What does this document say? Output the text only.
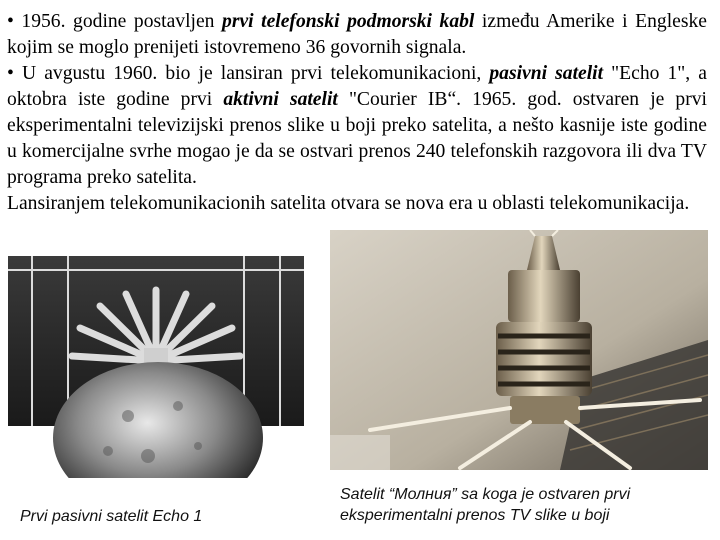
• 1956. godine postavljen prvi telefonski podmorski kabl između Amerike i Engleske kojim se moglo prenijeti istovremeno 36 govornih signala.

• U avgustu 1960. bio je lansiran prvi telekomunikacioni, pasivni satelit "Echo 1", a oktobra iste godine prvi aktivni satelit "Courier IB“. 1965. god. ostvaren je prvi eksperimentalni televizijski prenos slike u boji preko satelita, a nešto kasnije iste godine u komercijalne svrhe mogao je da se ostvari prenos 240 telefonskih razgovora ili dva TV programa preko satelita.

Lansiranjem telekomunikacionih satelita otvara se nova era u oblasti telekomunikacija.

Prvi pasivni satelit Echo 1
Satelit “Молния” sa koga je ostvaren prvi eksperimentalni prenos TV slike u boji
